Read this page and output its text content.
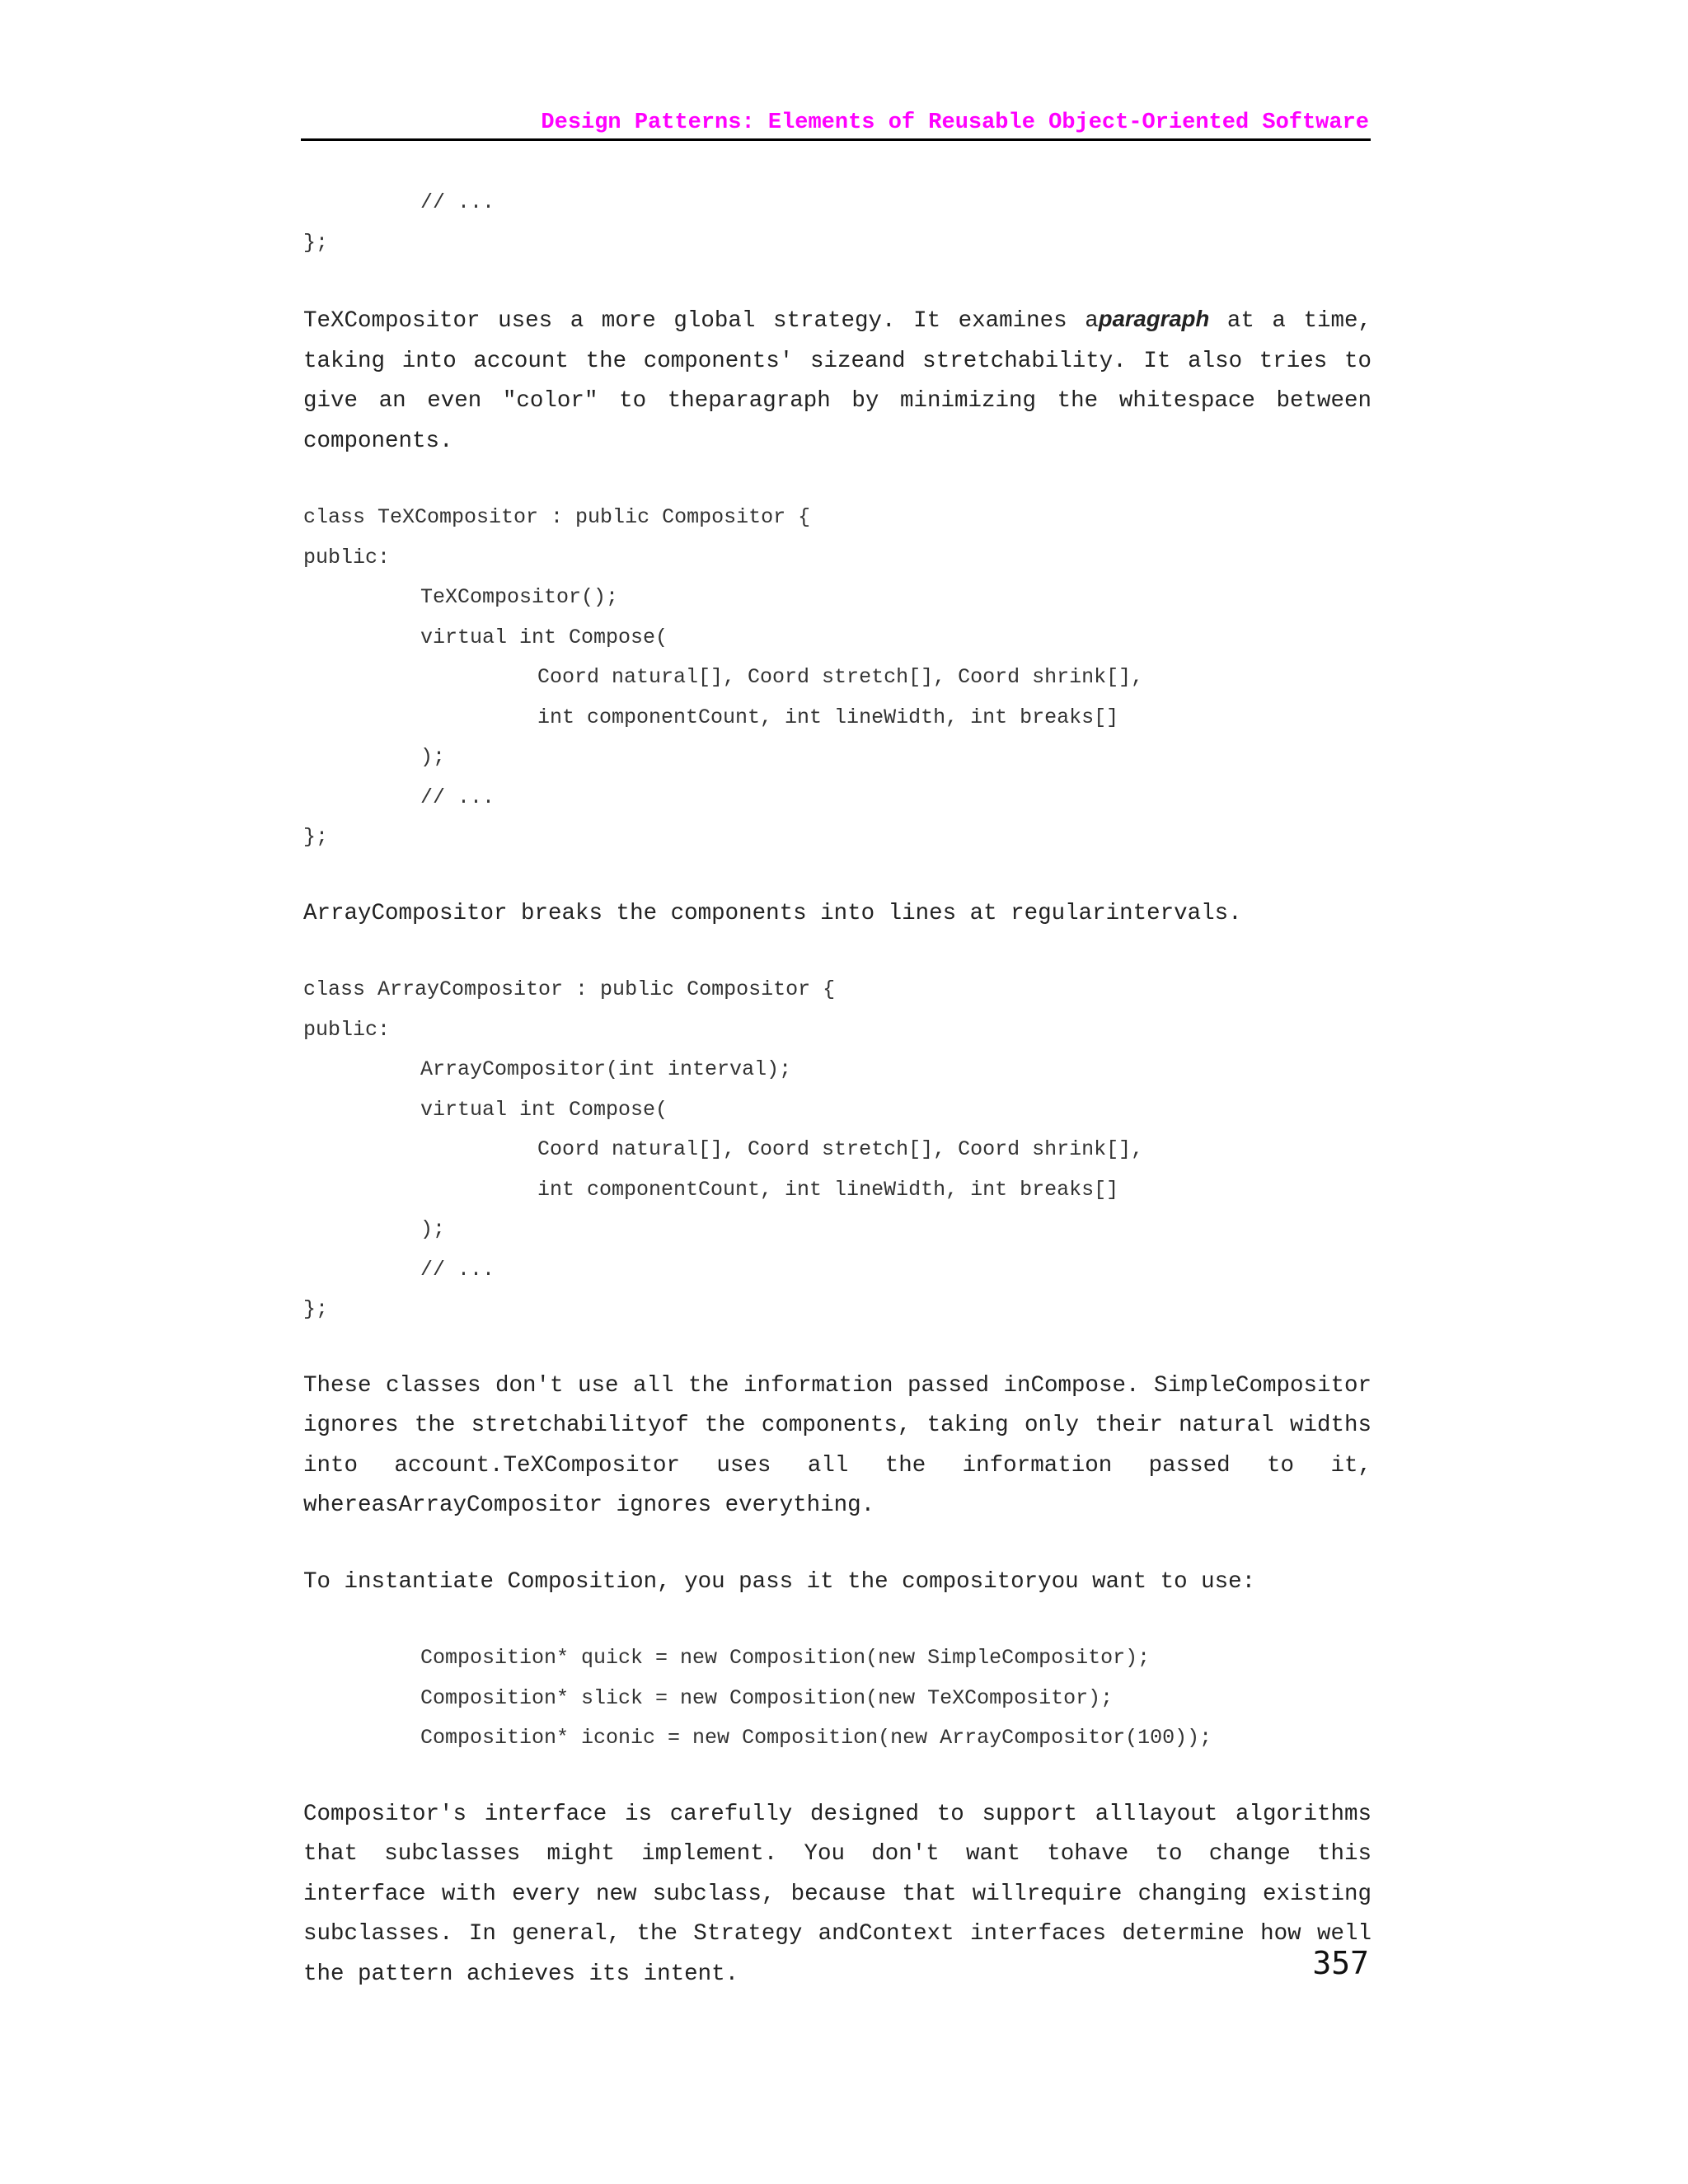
Design Patterns: Elements of Reusable Object-Oriented Software
// ...
};
TeXCompositor uses a more global strategy. It examines aparagraph at a time, taking into account the components' sizeand stretchability. It also tries to give an even "color" to theparagraph by minimizing the whitespace between components.
class TeXCompositor : public Compositor {
public:
TeXCompositor();
virtual int Compose(
Coord natural[], Coord stretch[], Coord shrink[],
int componentCount, int lineWidth, int breaks[]
);
// ...
};
ArrayCompositor breaks the components into lines at regularintervals.
class ArrayCompositor : public Compositor {
public:
ArrayCompositor(int interval);
virtual int Compose(
Coord natural[], Coord stretch[], Coord shrink[],
int componentCount, int lineWidth, int breaks[]
);
// ...
};
These classes don't use all the information passed inCompose. SimpleCompositor ignores the stretchabilityof the components, taking only their natural widths into account.TeXCompositor uses all the information passed to it, whereasArrayCompositor ignores everything.
To instantiate Composition, you pass it the compositoryou want to use:
Composition* quick = new Composition(new SimpleCompositor);
Composition* slick = new Composition(new TeXCompositor);
Composition* iconic = new Composition(new ArrayCompositor(100));
Compositor's interface is carefully designed to support alllayout algorithms that subclasses might implement. You don't want tohave to change this interface with every new subclass, because that willrequire changing existing subclasses. In general, the Strategy andContext interfaces determine how well the pattern achieves its intent.	357
